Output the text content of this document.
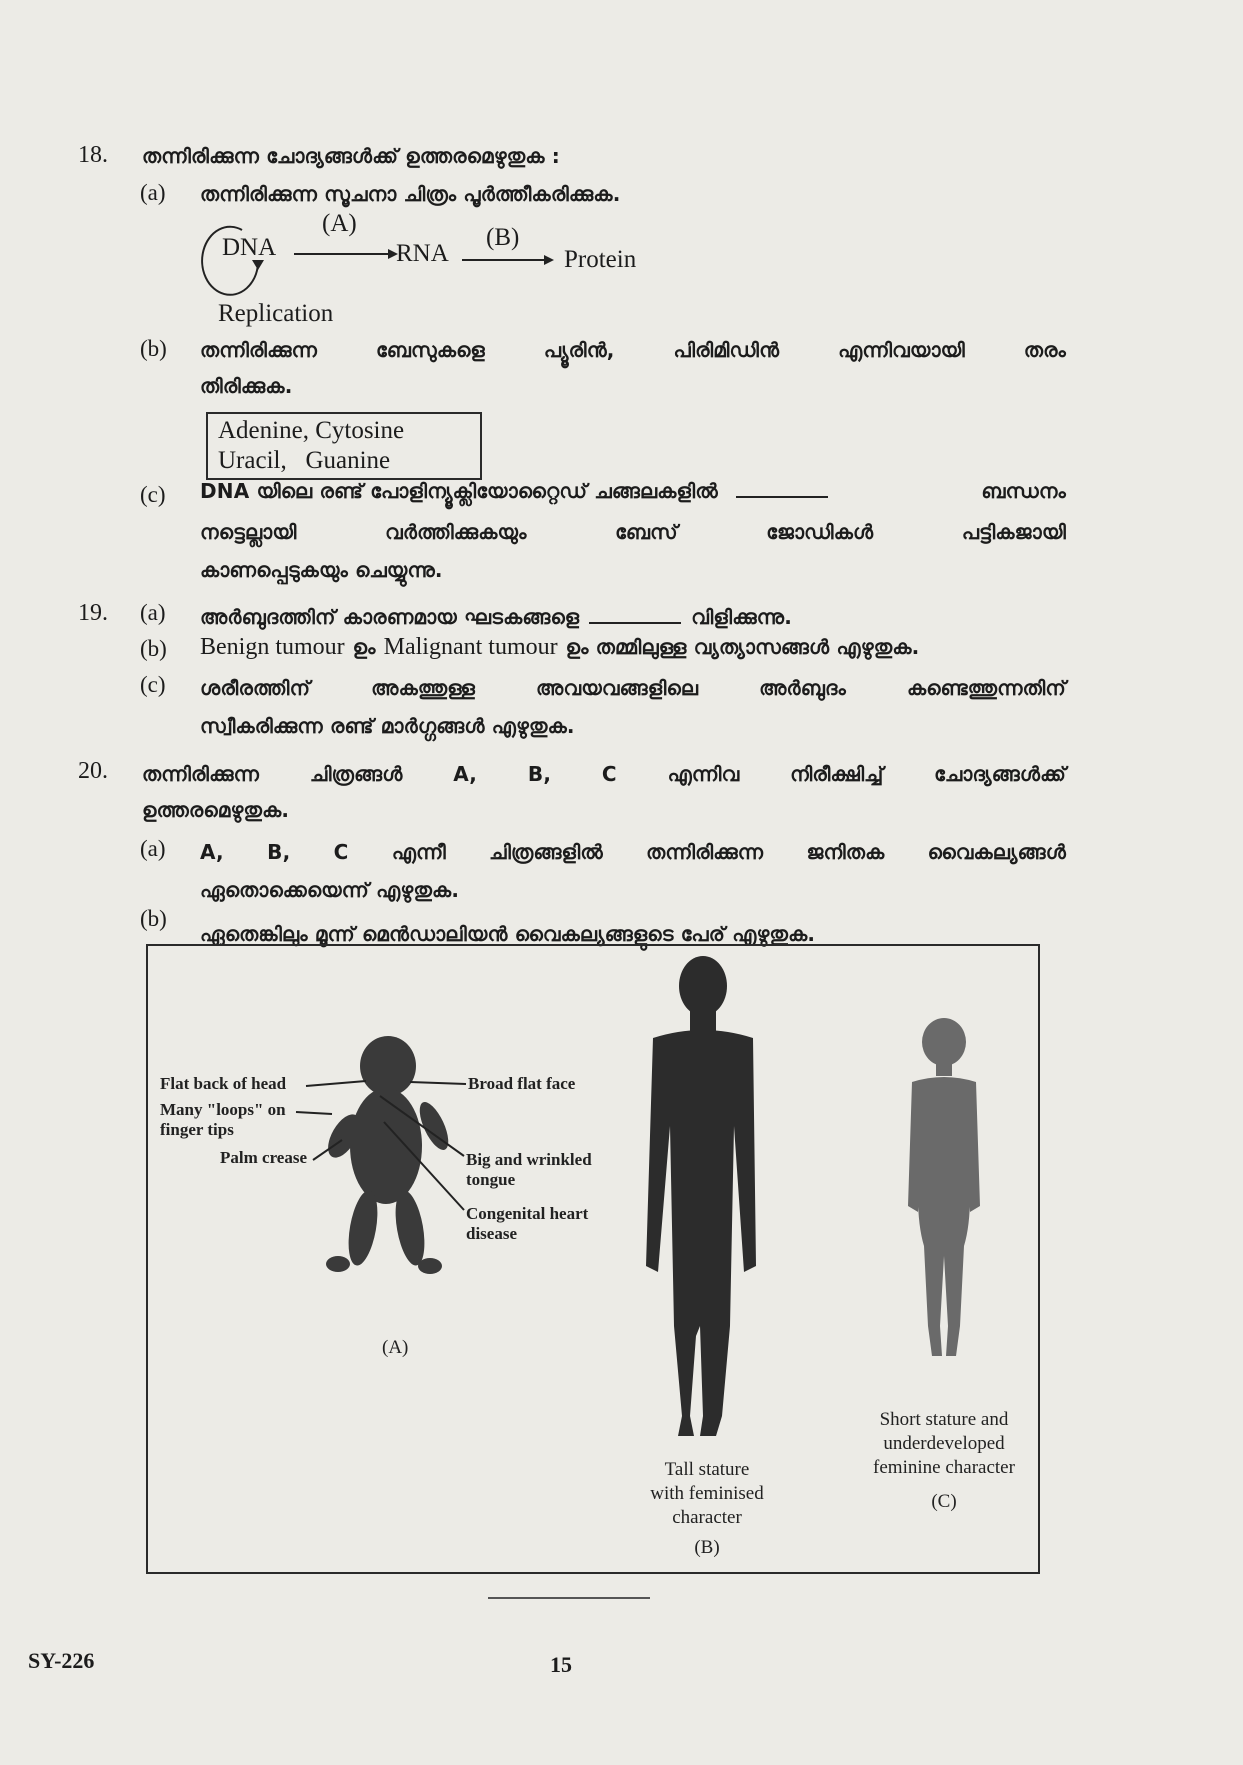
18. തന്നിരിക്കുന്ന ചോദ്യങ്ങൾക്ക് ഉത്തരമെഴുതുക :
(a) തന്നിരിക്കുന്ന സൂചനാ ചിത്രം പൂർത്തീകരിക്കുക.
DNA
(A)
RNA
(B)
Protein
Replication
(b) തന്നിരിക്കുന്ന ബേസുകളെ പ്യൂരിൻ, പിരിമിഡിൻ എന്നിവയായി തരം
തിരിക്കുക.
Adenine, Cytosine
Uracil,   Guanine
(c) DNA യിലെ രണ്ട് പോളിന്യൂക്ലിയോറ്റൈഡ് ചങ്ങലകളിൽ	ബന്ധനം
നട്ടെല്ലായി വർത്തിക്കുകയും ബേസ് ജോഡികൾ പട്ടികജായി
കാണപ്പെടുകയും ചെയ്യുന്നു.
19. (a) അർബുദത്തിന് കാരണമായ ഘടകങ്ങളെ	വിളിക്കുന്നു.
(b) Benign tumour ഉം Malignant tumour ഉം തമ്മിലുള്ള വ്യത്യാസങ്ങൾ എഴുതുക.
(c) ശരീരത്തിന് അകത്തുള്ള അവയവങ്ങളിലെ അർബുദം കണ്ടെത്തുന്നതിന്
സ്വീകരിക്കുന്ന രണ്ട് മാർഗ്ഗങ്ങൾ എഴുതുക.
20. തന്നിരിക്കുന്ന ചിത്രങ്ങൾ A, B, C എന്നിവ നിരീക്ഷിച്ച് ചോദ്യങ്ങൾക്ക്
ഉത്തരമെഴുതുക.
(a) A, B, C എന്നീ ചിത്രങ്ങളിൽ തന്നിരിക്കുന്ന ജനിതക വൈകല്യങ്ങൾ
ഏതൊക്കെയെന്ന് എഴുതുക.
(b)
ഏതെങ്കിലും മൂന്ന് മെൻഡാലിയൻ വൈകല്യങ്ങളുടെ പേര് എഴുതുക.
Flat back of head
Many "loops" on
finger tips
Palm crease
Broad flat face
Big and wrinkled
tongue
Congenital heart
disease
(A)
Tall stature
with feminised
character
(B)
Short stature and
underdeveloped
feminine character
(C)
SY-226	15
